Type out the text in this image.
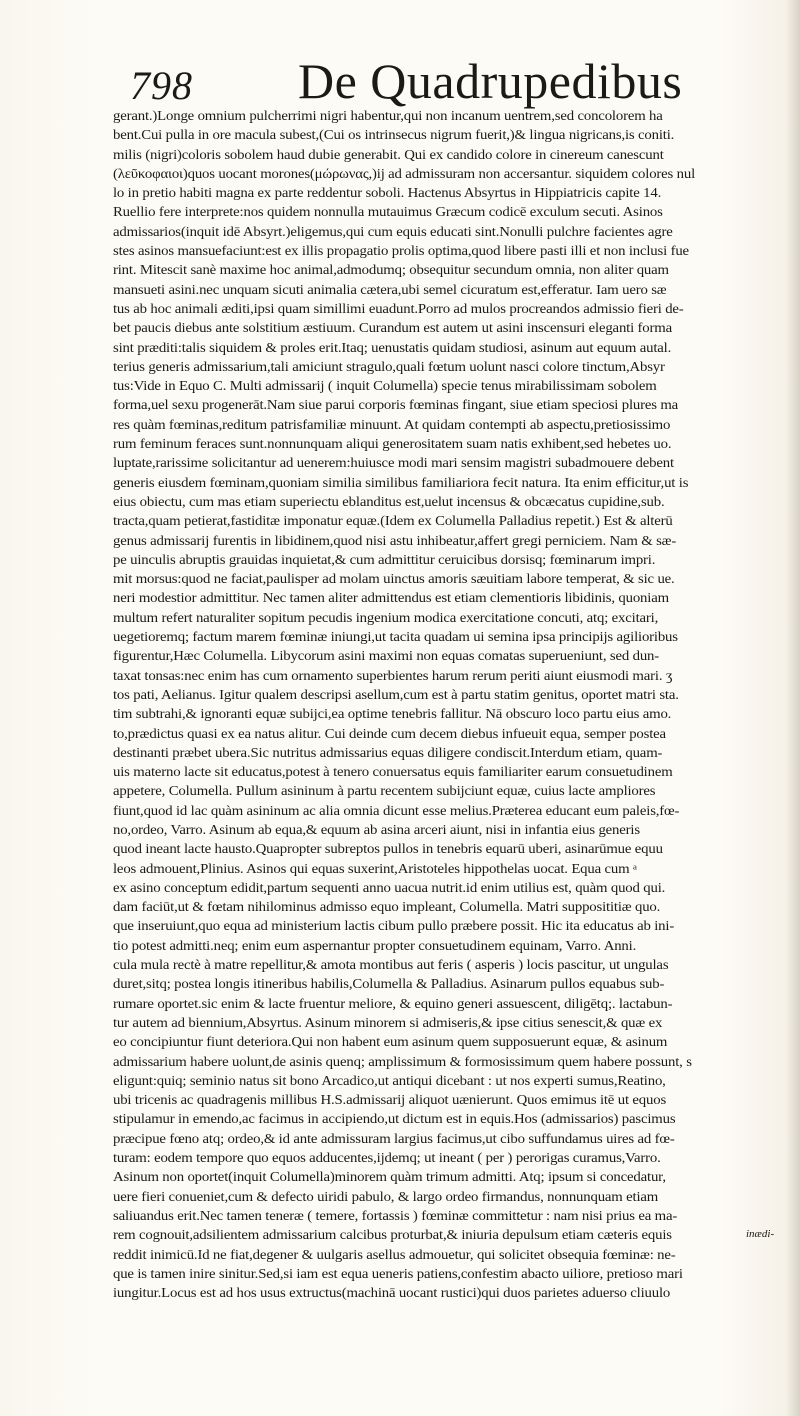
798 De Quadrupedibus
gerant.)Longe omnium pulcherrimi nigri habentur,qui non incanum uentrem,sed concolorem ha
bent.Cui pulla in ore macula subest,(Cui os intrinsecus nigrum fuerit,)& lingua nigricans,is coniti.
milis (nigri)coloris sobolem haud dubie generabit. Qui ex candido colore in cinereum canescunt
(λεῦκοφαιοι)quos uocant morones(μώρωνας,)ij ad admissuram non accersantur. siquidem colores nul
lo in pretio habiti magna ex parte reddentur soboli. Hactenus Absyrtus in Hippiatricis capite 14.
Ruellio fere interprete:nos quidem nonnulla mutauimus Græcum codicē exculum secuti. Asinos
admissarios(inquit idē Absyrt.)eligemus,qui cum equis educati sint.Nonulli pulchre facientes agre
stes asinos mansuefaciunt:est ex illis propagatio prolis optima,quod libere pasti illi et non inclusi fue
rint. Mitescit sanè maxime hoc animal,admodumq; obsequitur secundum omnia, non aliter quam
mansueti asini.nec unquam sicuti animalia cætera,ubi semel cicuratum est,efferatur. Iam uero sæ
tus ab hoc animali æditi,ipsi quam simillimi euadunt.Porro ad mulos procreandos admissio fieri de-
bet paucis diebus ante solstitium æstiuum. Curandum est autem ut asini inscensuri eleganti forma
sint præditi:talis siquidem & proles erit.Itaq; uenustatis quidam studiosi, asinum aut equum autal.
terius generis admissarium,tali amiciunt stragulo,quali fœtum uolunt nasci colore tinctum,Absyr
tus:Vide in Equo C. Multi admissarij ( inquit Columella) specie tenus mirabilissimam sobolem
forma,uel sexu progenerāt.Nam siue parui corporis fœminas fingant, siue etiam speciosi plures ma
res quàm fœminas,reditum patrisfamiliæ minuunt. At quidam contempti ab aspectu,pretiosissimo
rum feminum feraces sunt.nonnunquam aliqui generositatem suam natis exhibent,sed hebetes uo.
luptate,rarissime solicitantur ad uenerem:huiusce modi mari sensim magistri subadmouere debent
generis eiusdem fœminam,quoniam similia similibus familiariora fecit natura. Ita enim efficitur,ut is
eius obiectu, cum mas etiam superiectu eblanditus est,uelut incensus & obcæcatus cupidine,sub.
tracta,quam petierat,fastiditæ imponatur equæ.(Idem ex Columella Palladius repetit.) Est & alterū
genus admissarij furentis in libidinem,quod nisi astu inhibeatur,affert gregi perniciem. Nam & sæ-
pe uinculis abruptis grauidas inquietat,& cum admittitur ceruicibus dorsisq; fœminarum impri.
mit morsus:quod ne faciat,paulisper ad molam uinctus amoris sæuitiam labore temperat, & sic ue.
neri modestior admittitur. Nec tamen aliter admittendus est etiam clementioris libidinis, quoniam
multum refert naturaliter sopitum pecudis ingenium modica exercitatione concuti, atq; excitari,
uegetioremq; factum marem fœminæ iniungi,ut tacita quadam ui semina ipsa principijs agilioribus
figurentur,Hæc Columella. Libycorum asini maximi non equas comatas superueniunt, sed dun-
taxat tonsas:nec enim has cum ornamento superbientes harum rerum periti aiunt eiusmodi mari. ʒ
tos pati, Aelianus. Igitur qualem descripsi asellum,cum est à partu statim genitus, oportet matri sta.
tim subtrahi,& ignoranti equæ subijci,ea optime tenebris fallitur. Nā obscuro loco partu eius amo.
to,prædictus quasi ex ea natus alitur. Cui deinde cum decem diebus infueuit equa, semper postea
destinanti præbet ubera.Sic nutritus admissarius equas diligere condiscit.Interdum etiam, quam-
uis materno lacte sit educatus,potest à tenero conuersatus equis familiariter earum consuetudinem
appetere, Columella. Pullum asininum à partu recentem subijciunt equæ, cuius lacte ampliores
fiunt,quod id lac quàm asininum ac alia omnia dicunt esse melius.Præterea educant eum paleis,fœ-
no,ordeo, Varro. Asinum ab equa,& equum ab asina arceri aiunt, nisi in infantia eius generis
quod ineant lacte hausto.Quapropter subreptos pullos in tenebris equarū uberi, asinarūmue equu
leos admouent,Plinius. Asinos qui equas suxerint,Aristoteles hippothelas uocat. Equa cum ᵃ
ex asino conceptum edidit,partum sequenti anno uacua nutrit.id enim utilius est, quàm quod qui.
dam faciūt,ut & fœtam nihilominus admisso equo impleant, Columella. Matri supposititiæ quo.
que inseruiunt,quo equa ad ministerium lactis cibum pullo præbere possit. Hic ita educatus ab ini-
tio potest admitti.neq; enim eum aspernantur propter consuetudinem equinam, Varro. Anni.
cula mula rectè à matre repellitur,& amota montibus aut feris ( asperis ) locis pascitur, ut ungulas
duret,sitq; postea longis itineribus habilis,Columella & Palladius. Asinarum pullos equabus sub-
rumare oportet.sic enim & lacte fruentur meliore, & equino generi assuescent, diligētq;. lactabun-
tur autem ad biennium,Absyrtus. Asinum minorem si admiseris,& ipse citius senescit,& quæ ex
eo concipiuntur fiunt deteriora.Qui non habent eum asinum quem supposuerunt equæ, & asinum
admissarium habere uolunt,de asinis quenq; amplissimum & formosissimum quem habere possunt, s
eligunt:quiq; seminio natus sit bono Arcadico,ut antiqui dicebant : ut nos experti sumus,Reatino,
ubi tricenis ac quadragenis millibus H.S.admissarij aliquot uænierunt. Quos emimus itē ut equos
stipulamur in emendo,ac facimus in accipiendo,ut dictum est in equis.Hos (admissarios) pascimus
præcipue fœno atq; ordeo,& id ante admissuram largius facimus,ut cibo suffundamus uires ad fœ-
turam: eodem tempore quo equos adducentes,ijdemq; ut ineant ( per ) perorigas curamus,Varro.
Asinum non oportet(inquit Columella)minorem quàm trimum admitti. Atq; ipsum si concedatur,
uere fieri conueniet,cum & defecto uiridi pabulo, & largo ordeo firmandus, nonnunquam etiam
saliuandus erit.Nec tamen teneræ ( temere, fortassis ) fœminæ committetur : nam nisi prius ea ma-
rem cognouit,adsilientem admissarium calcibus proturbat,& iniuria depulsum etiam cæteris equis
reddit inimicū.Id ne fiat,degener & uulgaris asellus admouetur, qui solicitet obsequia fœminæ: ne-
que is tamen inire sinitur.Sed,si iam est equa ueneris patiens,confestim abacto uiliore, pretioso mari
iungitur.Locus est ad hos usus extructus(machinā uocant rustici)qui duos parietes aduerso cliuulo
inædi-
